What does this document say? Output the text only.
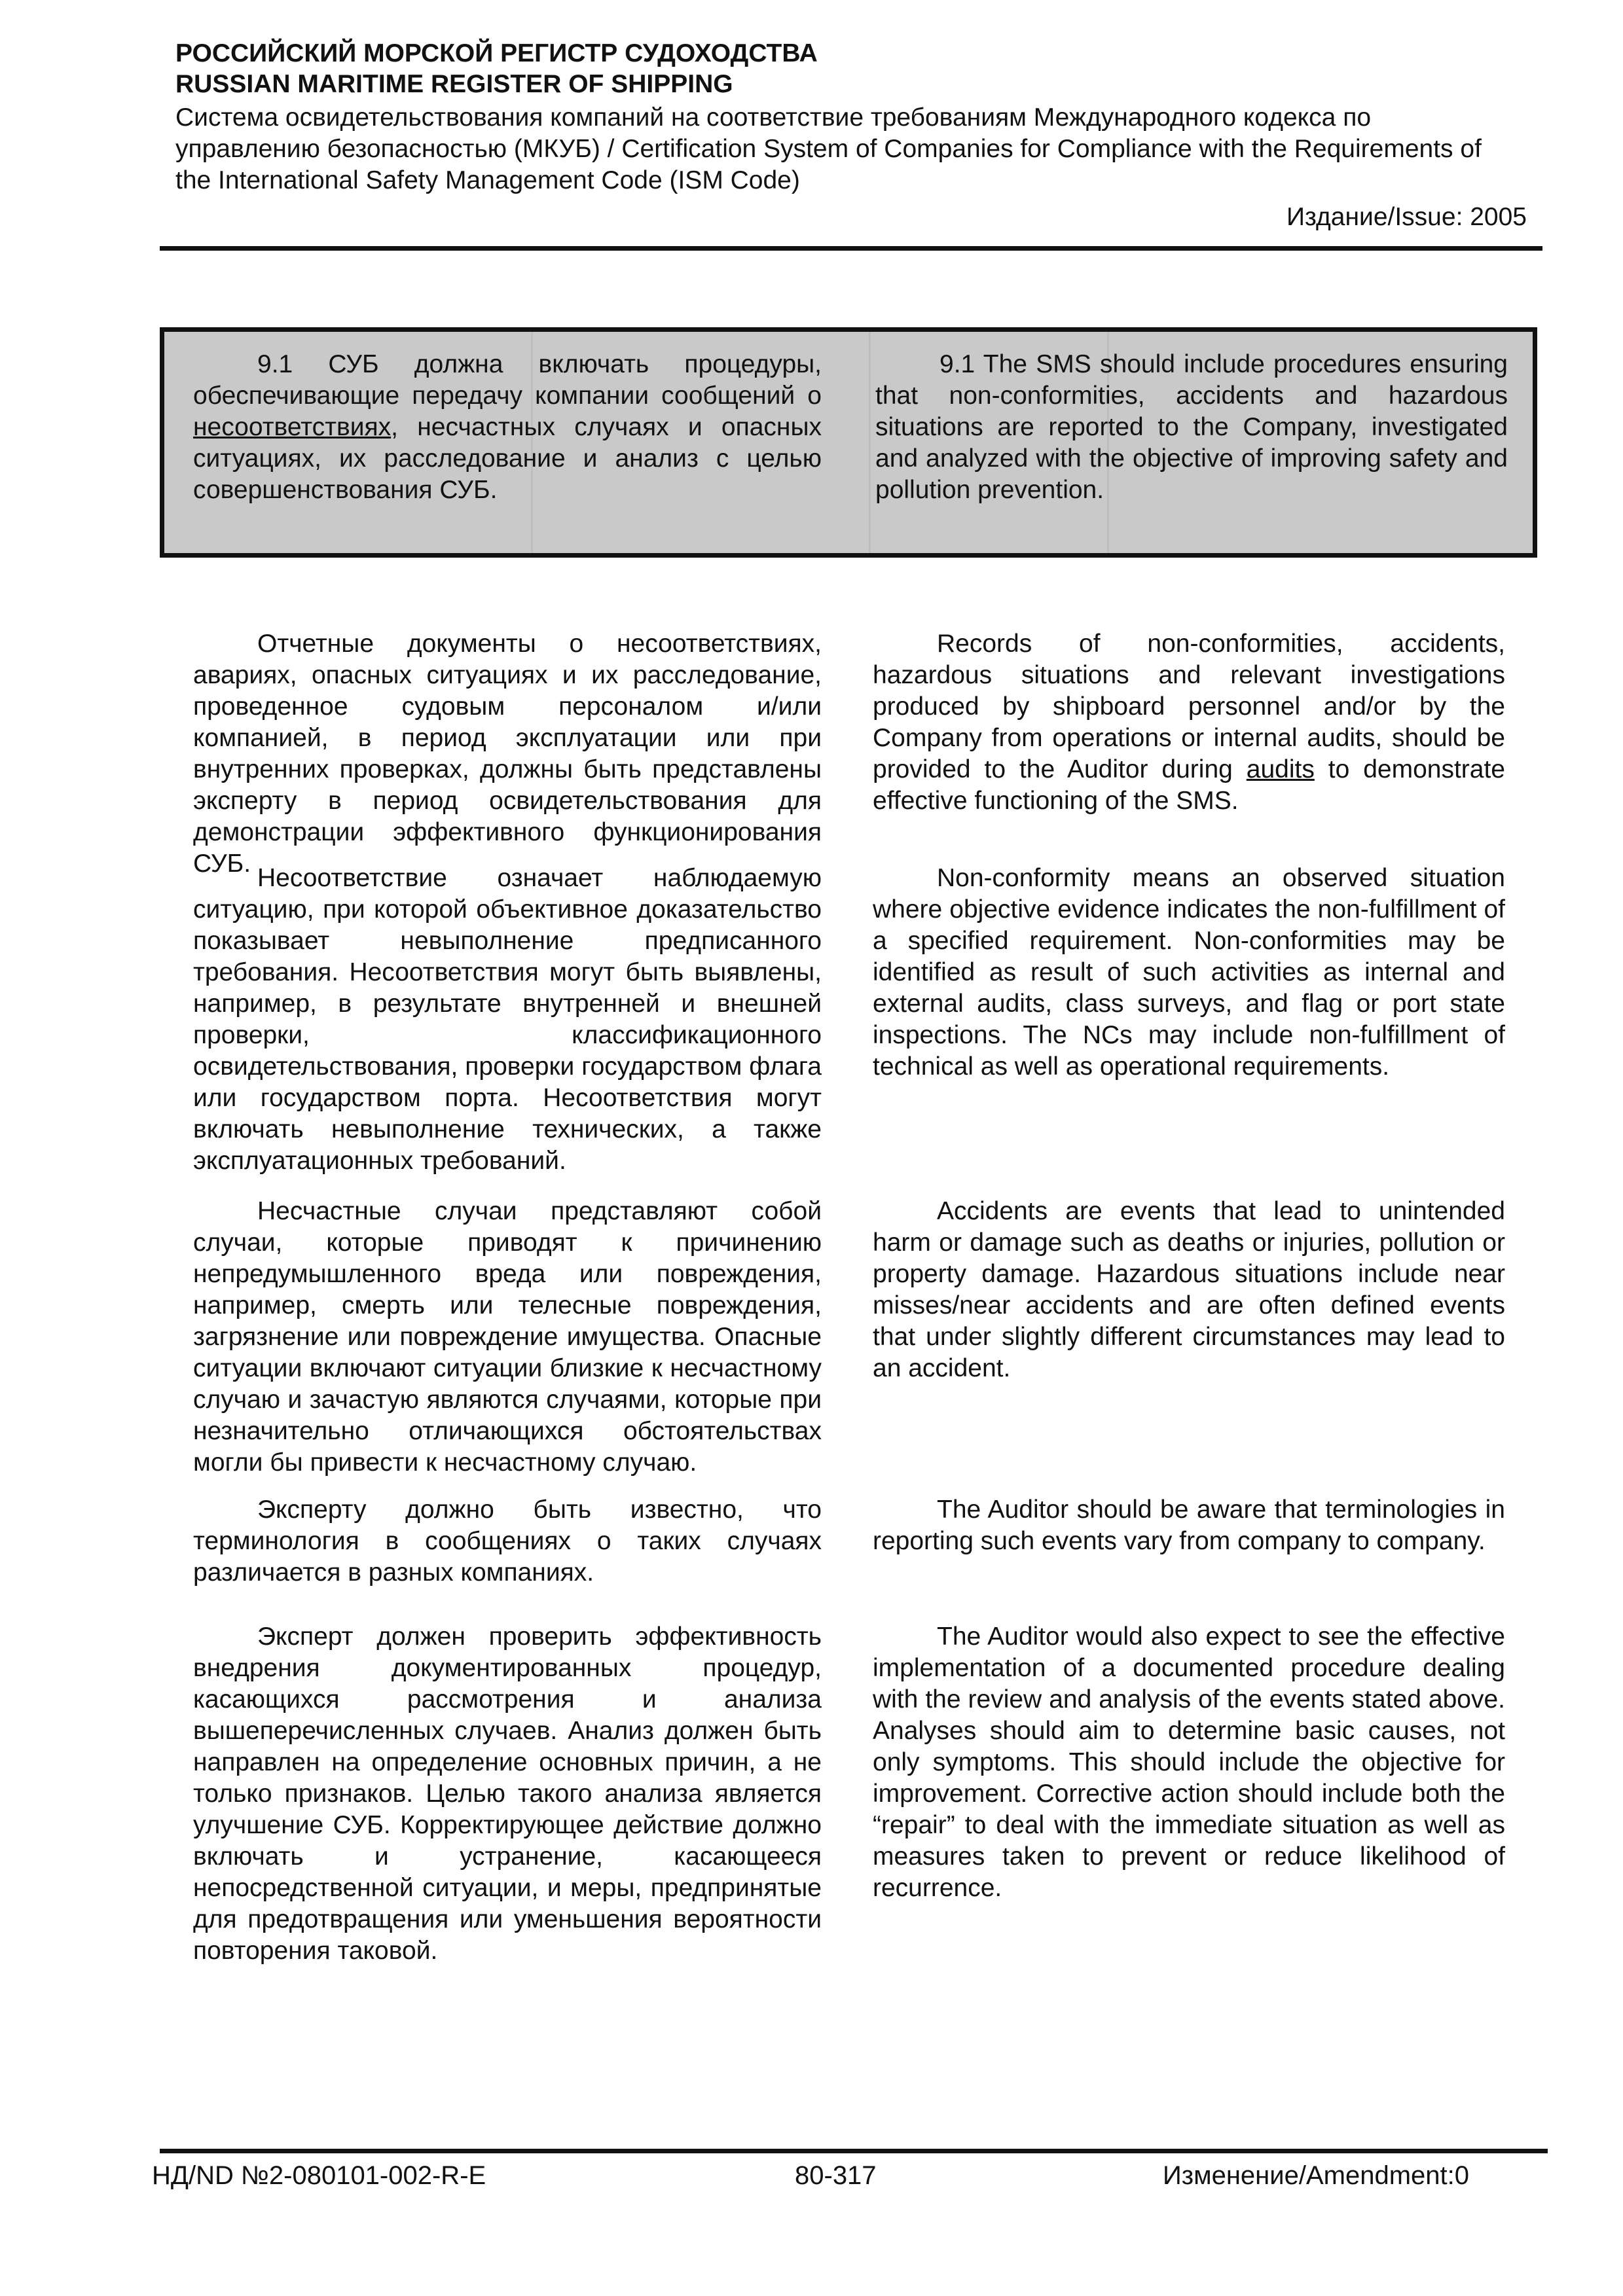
РОССИЙСКИЙ МОРСКОЙ РЕГИСТР СУДОХОДСТВА
RUSSIAN MARITIME REGISTER OF SHIPPING
Система освидетельствования компаний на соответствие требованиям Международного кодекса по управлению безопасностью (МКУБ) / Certification System of Companies for Compliance with the Requirements of the International Safety Management Code (ISM Code)
Издание/Issue: 2005
9.1 СУБ должна включать процедуры, обеспечивающие передачу компании сообщений о несоответствиях, несчастных случаях и опасных ситуациях, их расследование и анализ с целью совершенствования СУБ.
9.1 The SMS should include procedures ensuring that non-conformities, accidents and hazardous situations are reported to the Company, investigated and analyzed with the objective of improving safety and pollution prevention.

Отчетные документы о несоответствиях, авариях, опасных ситуациях и их расследование, проведенное судовым персоналом и/или компанией, в период эксплуатации или при внутренних проверках, должны быть представлены эксперту в период освидетельствования для демонстрации эффективного функционирования СУБ.

Несоответствие означает наблюдаемую ситуацию, при которой объективное доказательство показывает невыполнение предписанного требования. Несоответствия могут быть выявлены, например, в результате внутренней и внешней проверки, классификационного освидетельствования, проверки государством флага или государством порта. Несоответствия могут включать невыполнение технических, а также эксплуатационных требований.

Несчастные случаи представляют собой случаи, которые приводят к причинению непредумышленного вреда или повреждения, например, смерть или телесные повреждения, загрязнение или повреждение имущества. Опасные ситуации включают ситуации близкие к несчастному случаю и зачастую являются случаями, которые при незначительно отличающихся обстоятельствах могли бы привести к несчастному случаю.

Эксперту должно быть известно, что терминология в сообщениях о таких случаях различается в разных компаниях.

Эксперт должен проверить эффективность внедрения документированных процедур, касающихся рассмотрения и анализа вышеперечисленных случаев. Анализ должен быть направлен на определение основных причин, а не только признаков. Целью такого анализа является улучшение СУБ. Корректирующее действие должно включать и устранение, касающееся непосредственной ситуации, и меры, предпринятые для предотвращения или уменьшения вероятности повторения таковой.

Records of non-conformities, accidents, hazardous situations and relevant investigations produced by shipboard personnel and/or by the Company from operations or internal audits, should be provided to the Auditor during audits to demonstrate effective functioning of the SMS.

Non-conformity means an observed situation where objective evidence indicates the non-fulfillment of a specified requirement. Non-conformities may be identified as result of such activities as internal and external audits, class surveys, and flag or port state inspections. The NCs may include non-fulfillment of technical as well as operational requirements.

Accidents are events that lead to unintended harm or damage such as deaths or injuries, pollution or property damage. Hazardous situations include near misses/near accidents and are often defined events that under slightly different circumstances may lead to an accident.

The Auditor should be aware that terminologies in reporting such events vary from company to company.

The Auditor would also expect to see the effective implementation of a documented procedure dealing with the review and analysis of the events stated above. Analyses should aim to determine basic causes, not only symptoms. This should include the objective for improvement. Corrective action should include both the “repair” to deal with the immediate situation as well as measures taken to prevent or reduce likelihood of recurrence.

НД/ND №2-080101-002-R-E	80-317	Изменение/Amendment:0
